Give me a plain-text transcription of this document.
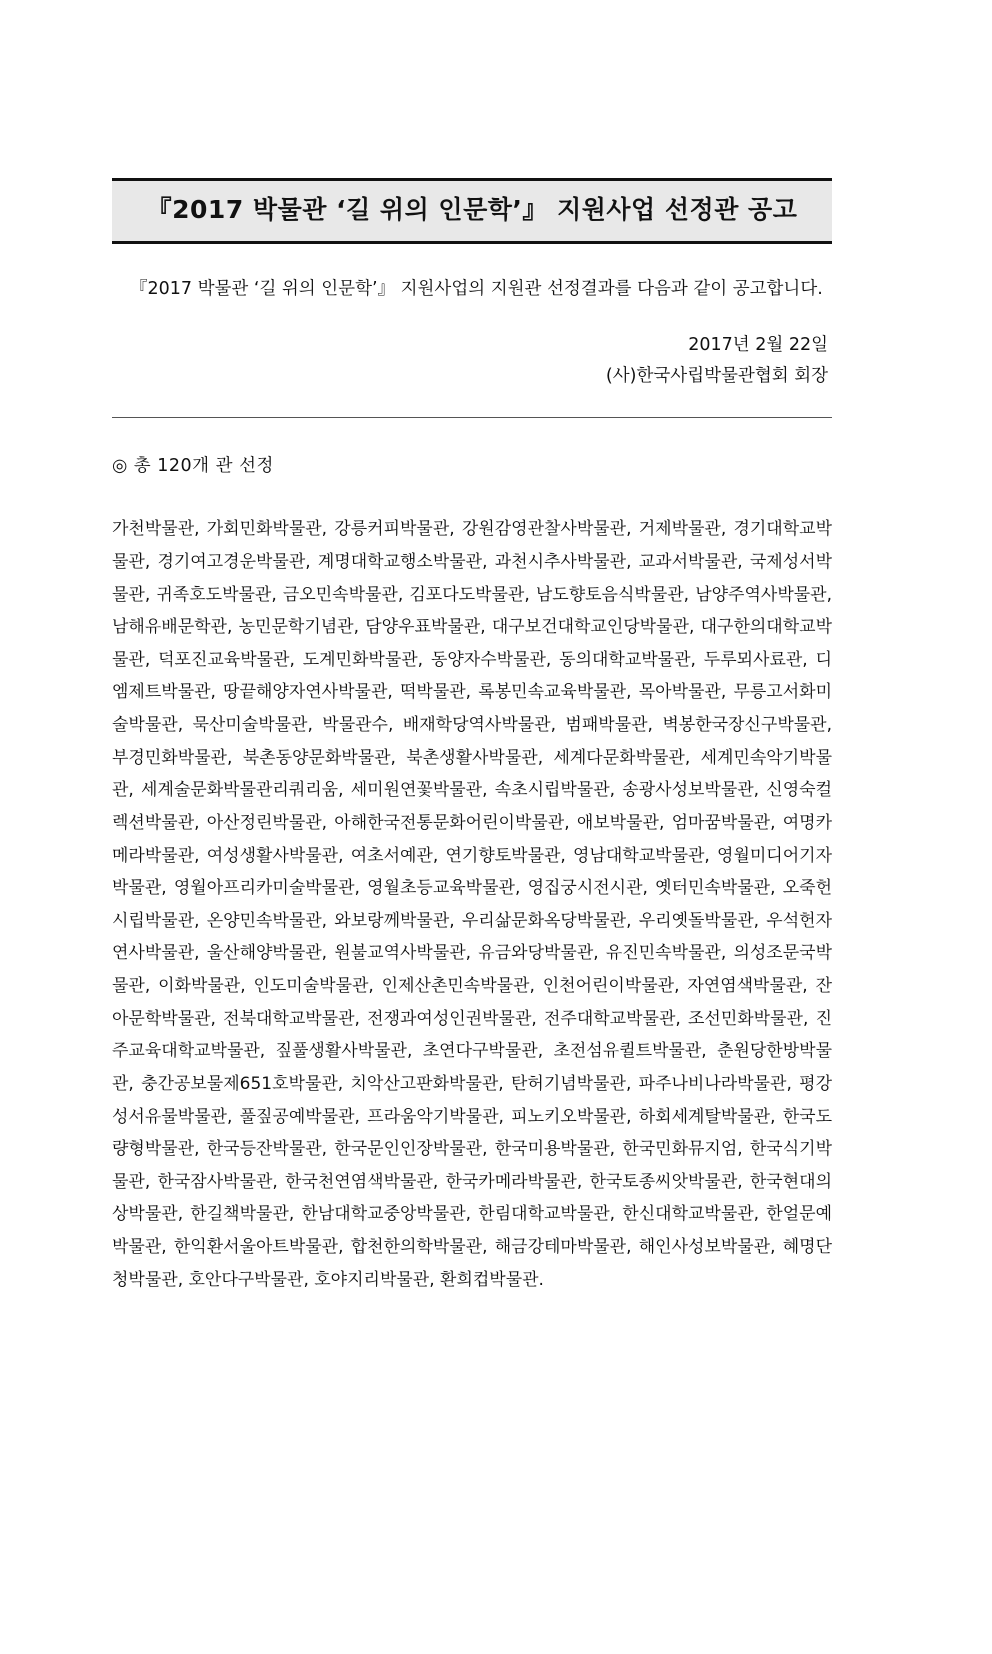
『2017 박물관 ‘길 위의 인문학’』 지원사업 선정관 공고
『2017 박물관 ‘길 위의 인문학’』 지원사업의 지원관 선정결과를 다음과 같이 공고합니다.
2017년 2월 22일
(사)한국사립박물관협회 회장
◎ 총 120개 관 선정
가천박물관, 가회민화박물관, 강릉커피박물관, 강원감영관찰사박물관, 거제박물관, 경기대학교박물관, 경기여고경운박물관, 계명대학교행소박물관, 과천시추사박물관, 교과서박물관, 국제성서박물관, 귀족호도박물관, 금오민속박물관, 김포다도박물관, 남도향토음식박물관, 남양주역사박물관, 남해유배문학관, 농민문학기념관, 담양우표박물관, 대구보건대학교인당박물관, 대구한의대학교박물관, 덕포진교육박물관, 도계민화박물관, 동양자수박물관, 동의대학교박물관, 두루뫼사료관, 디엠제트박물관, 땅끝해양자연사박물관, 떡박물관, 록봉민속교육박물관, 목아박물관, 무릉고서화미술박물관, 묵산미술박물관, 박물관수, 배재학당역사박물관, 범패박물관, 벽봉한국장신구박물관, 부경민화박물관, 북촌동양문화박물관, 북촌생활사박물관, 세계다문화박물관, 세계민속악기박물관, 세계술문화박물관리쿼리움, 세미원연꽃박물관, 속초시립박물관, 송광사성보박물관, 신영숙컬렉션박물관, 아산정린박물관, 아해한국전통문화어린이박물관, 애보박물관, 엄마꿈박물관, 여명카메라박물관, 여성생활사박물관, 여초서예관, 연기향토박물관, 영남대학교박물관, 영월미디어기자박물관, 영월아프리카미술박물관, 영월초등교육박물관, 영집궁시전시관, 옛터민속박물관, 오죽헌시립박물관, 온양민속박물관, 와보랑께박물관, 우리삶문화옥당박물관, 우리옛돌박물관, 우석헌자연사박물관, 울산해양박물관, 원불교역사박물관, 유금와당박물관, 유진민속박물관, 의성조문국박물관, 이화박물관, 인도미술박물관, 인제산촌민속박물관, 인천어린이박물관, 자연염색박물관, 잔아문학박물관, 전북대학교박물관, 전쟁과여성인권박물관, 전주대학교박물관, 조선민화박물관, 진주교육대학교박물관, 짚풀생활사박물관, 초연다구박물관, 초전섬유퀼트박물관, 춘원당한방박물관, 충간공보물제651호박물관, 치악산고판화박물관, 탄허기념박물관, 파주나비나라박물관, 평강성서유물박물관, 풀짚공예박물관, 프라움악기박물관, 피노키오박물관, 하회세계탈박물관, 한국도량형박물관, 한국등잔박물관, 한국문인인장박물관, 한국미용박물관, 한국민화뮤지엄, 한국식기박물관, 한국잠사박물관, 한국천연염색박물관, 한국카메라박물관, 한국토종씨앗박물관, 한국현대의상박물관, 한길책박물관, 한남대학교중앙박물관, 한림대학교박물관, 한신대학교박물관, 한얼문예박물관, 한익환서울아트박물관, 합천한의학박물관, 해금강테마박물관, 해인사성보박물관, 혜명단청박물관, 호안다구박물관, 호야지리박물관, 환희컵박물관.
